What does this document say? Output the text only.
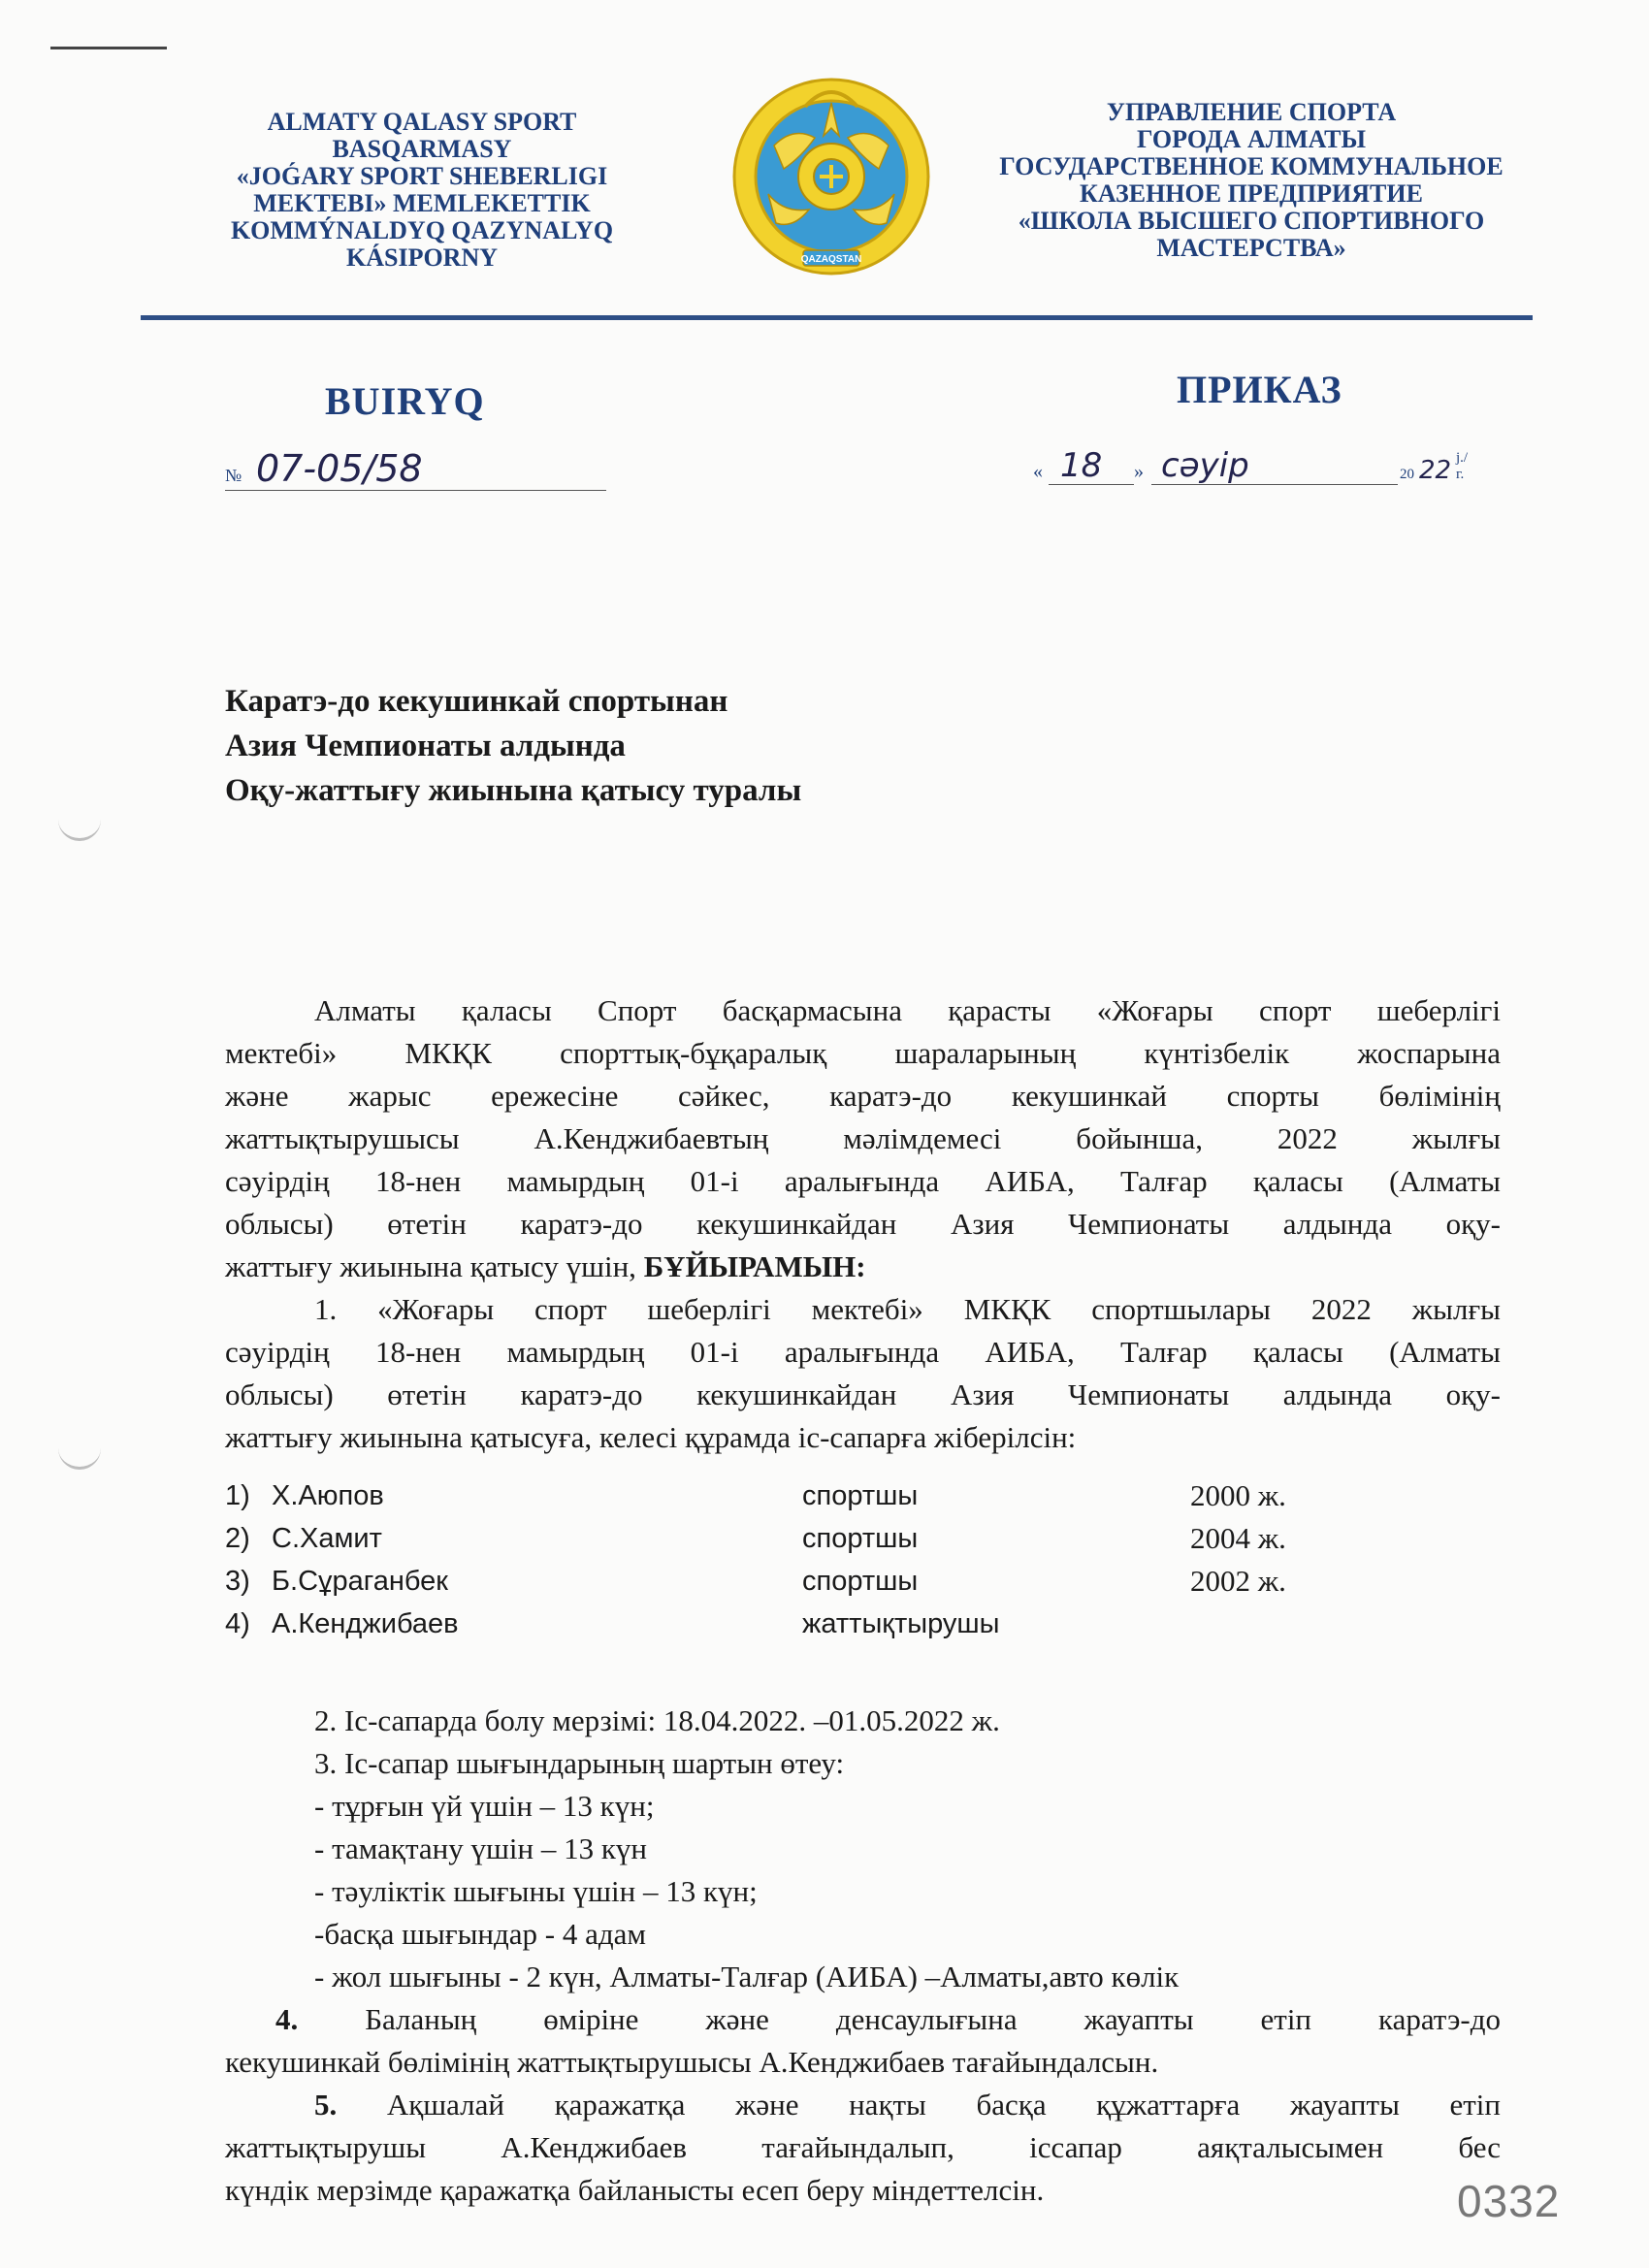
ALMATY QALASY SPORT
BASQARMASY
«JOǴARY SPORT SHEBERLIGI
MEKTEBI» MEMLEKETTIK
KOMMÝNALDYQ QAZYNALYQ
KÁSIPORNY	QAZAQSTAN
УПРАВЛЕНИЕ СПОРТА
ГОРОДА АЛМАТЫ
ГОСУДАРСТВЕННОЕ КОММУНАЛЬНОЕ
КАЗЕННОЕ ПРЕДПРИЯТИЕ
«ШКОЛА ВЫСШЕГО СПОРТИВНОГО
МАСТЕРСТВА»
BUIRYQ	ПРИКАЗ
№ 07-05/58	« 18 » сәуір	20 22 j./г.
Каратэ-до кекушинкай спортынан
Азия Чемпионаты алдында
Оқу-жаттығу жиынына қатысу туралы
Алматы қаласы Спорт басқармасына қарасты «Жоғары спорт шеберлігі
мектебі» МКҚК спорттық-бұқаралық шараларының күнтізбелік жоспарына
және жарыс ережесіне сәйкес, каратэ-до кекушинкай спорты бөлімінің
жаттықтырушысы А.Кенджибаевтың мәлімдемесі бойынша, 2022 жылғы
сәуірдің 18-нен мамырдың 01-і аралығында АИБА, Талғар қаласы (Алматы
облысы) өтетін каратэ-до кекушинкайдан Азия Чемпионаты алдында оқу-
жаттығу жиынына қатысу үшін, БҰЙЫРАМЫН:
1. «Жоғары спорт шеберлігі мектебі» МКҚК спортшылары 2022 жылғы
сәуірдің 18-нен мамырдың 01-і аралығында АИБА, Талғар қаласы (Алматы
облысы) өтетін каратэ-до кекушинкайдан Азия Чемпионаты алдында оқу-
жаттығу жиынына қатысуға, келесі құрамда іс-сапарға жіберілсін:
1) Х.Аюпов	спортшы	2000 ж.
2) С.Хамит	спортшы	2004 ж.
3) Б.Сұраганбек	спортшы	2002 ж.
4) А.Кенджибаев	жаттықтырушы
2. Іс-сапарда болу мерзімі: 18.04.2022. –01.05.2022 ж.
3. Іс-сапар шығындарының шартын өтеу:
- тұрғын үй үшін – 13 күн;
- тамақтану үшін – 13 күн
- тәуліктік шығыны үшін – 13 күн;
-басқа шығындар - 4 адам
- жол шығыны - 2 күн, Алматы-Талғар (АИБА) –Алматы,авто көлік
4. Баланың өміріне және денсаулығына жауапты етіп каратэ-до
кекушинкай бөлімінің жаттықтырушысы А.Кенджибаев тағайындалсын.
5. Ақшалай қаражатқа және нақты басқа құжаттарға жауапты етіп
жаттықтырушы А.Кенджибаев тағайындалып, іссапар аяқталысымен бес
күндік мерзімде қаражатқа байланысты есеп беру міндеттелсін.	0332
